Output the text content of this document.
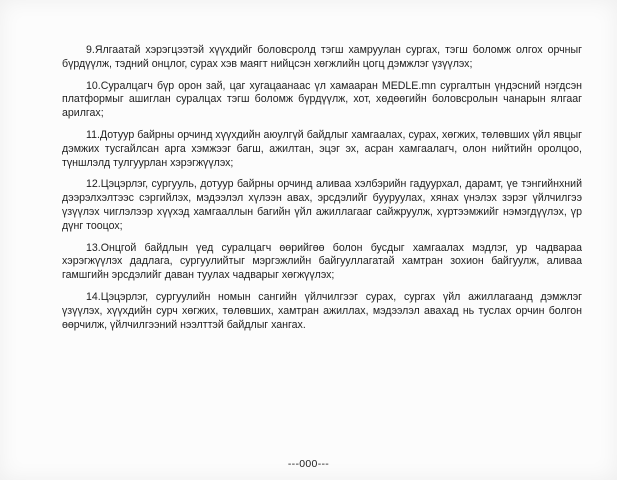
9.Ялгаатай хэрэгцээтэй хүүхдийг боловсролд тэгш хамруулан сургах, тэгш боломж олгох орчныг бүрдүүлж, тэдний онцлог, сурах хэв маягт нийцсэн хөгжлийн цогц дэмжлэг үзүүлэх;

10.Суралцагч бүр орон зай, цаг хугацаанаас үл хамааран MEDLE.mn сургалтын үндэсний нэгдсэн платформыг ашиглан суралцах тэгш боломж бүрдүүлж, хот, хөдөөгийн боловсролын чанарын ялгааг арилгах;

11.Дотуур байрны орчинд хүүхдийн аюулгүй байдлыг хамгаалах, сурах, хөгжих, төлөвших үйл явцыг дэмжих тусгайлсан арга хэмжээг багш, ажилтан, эцэг эх, асран хамгаалагч, олон нийтийн оролцоо, түншлэлд тулгуурлан хэрэгжүүлэх;

12.Цэцэрлэг, сургууль, дотуур байрны орчинд аливаа хэлбэрийн гадуурхал, дарамт, үе тэнгийнхний дээрэлхэлтээс сэргийлэх, мэдээлэл хүлээн авах, эрсдэлийг бууруулах, хянах үнэлэх зэрэг үйлчилгээ үзүүлэх чиглэлээр хүүхэд хамгааллын багийн үйл ажиллагааг сайжруулж, хүртээмжийг нэмэгдүүлэх, үр дүнг тооцох;

13.Онцгой байдлын үед суралцагч өөрийгөө болон бусдыг хамгаалах мэдлэг, ур чадвараа хэрэгжүүлэх дадлага, сургуулийтыг мэргэжлийн байгууллагатай хамтран зохион байгуулж, аливаа гамшгийн эрсдэлийг даван туулах чадварыг хөгжүүлэх;

14.Цэцэрлэг, сургуулийн номын сангийн үйлчилгээг сурах, сургах үйл ажиллагаанд дэмжлэг үзүүлэх, хүүхдийн сурч хөгжих, төлөвших, хамтран ажиллах, мэдээлэл авахад нь туслах орчин болгон өөрчилж, үйлчилгээний нээлттэй байдлыг хангах.

---000---
